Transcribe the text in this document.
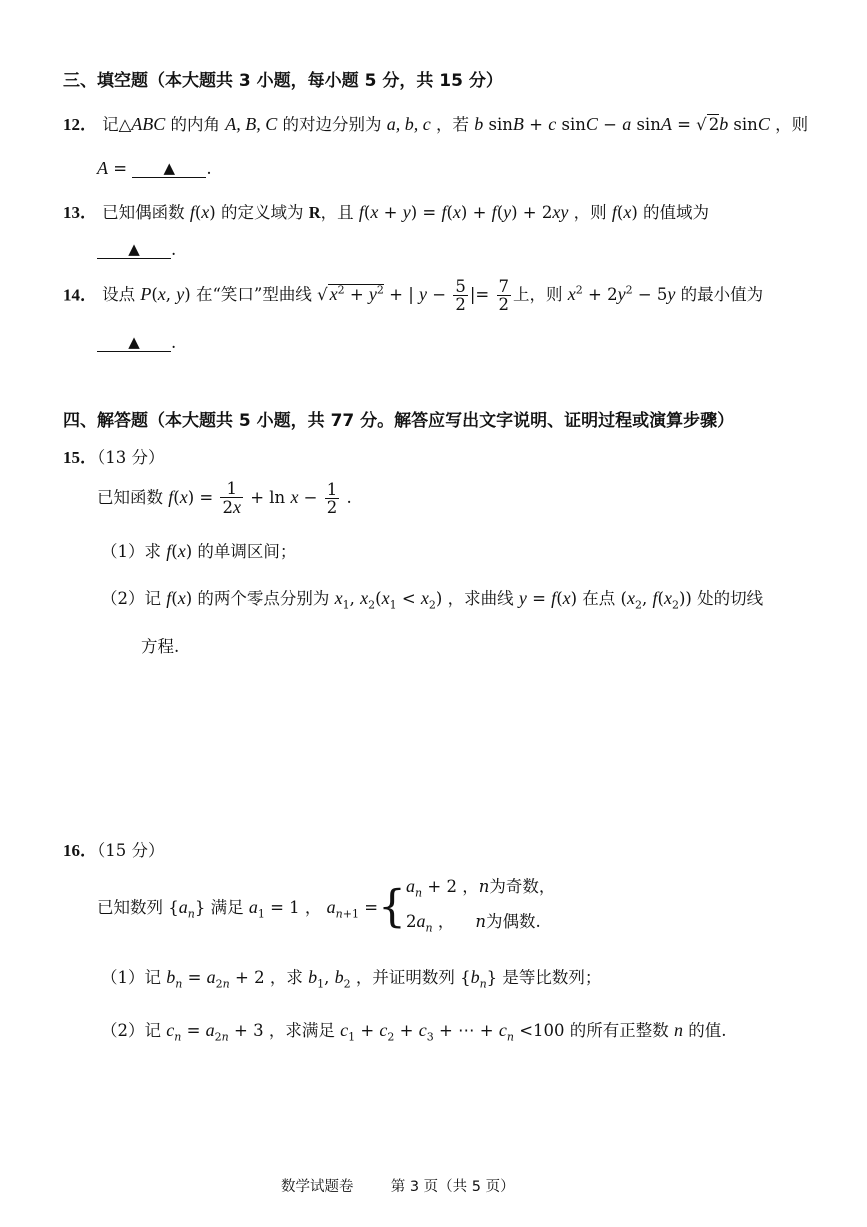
三、填空题（本大题共 3 小题，每小题 5 分，共 15 分）
12． 记△ABC 的内角 A, B, C 的对边分别为 a, b, c ，若 b sinB + c sinC − a sinA = √ 2b sinC ，则
A = ▲ .
13． 已知偶函数 f(x) 的定义域为 R，且 f(x + y) = f(x) + f(y) + 2xy ，则 f(x) 的值域为
▲ .
14． 设点 P(x, y) 在“笑口”型曲线 √ $x^2 + y^2$ + | $y - \frac{5}{2}$ |= $\frac{7}{2}$ 上，则 $x^2 + 2y^2 - 5y$ 的最小值为
▲ .
四、解答题（本大题共 5 小题，共 77 分。解答应写出文字说明、证明过程或演算步骤）
15．（13 分）
已知函数 $f(x) = \frac{1}{2x} + \ln x - \frac{1}{2}$ .
（1）求 f(x) 的单调区间；
（2）记 f(x) 的两个零点分别为 $x_1$, $x_2(x_1 < x_2)$ ，求曲线 y = f(x) 在点 ($x_2$, $f(x_2)$) 处的切线
方程.
16．（15 分）
已知数列 $\{a_n\}$ 满足 $a_1 = 1$ ， $a_{n+1}$ ={ $a_n + 2$ ，n为奇数，
$2a_n$ ，    n为偶数.
（1）记 $b_n = a_{2n} + 2$ ，求 $b_1$, $b_2$ ，并证明数列 $\{b_n\}$ 是等比数列；
（2）记 $c_n = a_{2n} + 3$ ，求满足 $c_1 + c_2 + c_3$ + ⋯ + $c_n <100$ 的所有正整数 n 的值.
数学试题卷	第 3 页（共 5 页）
